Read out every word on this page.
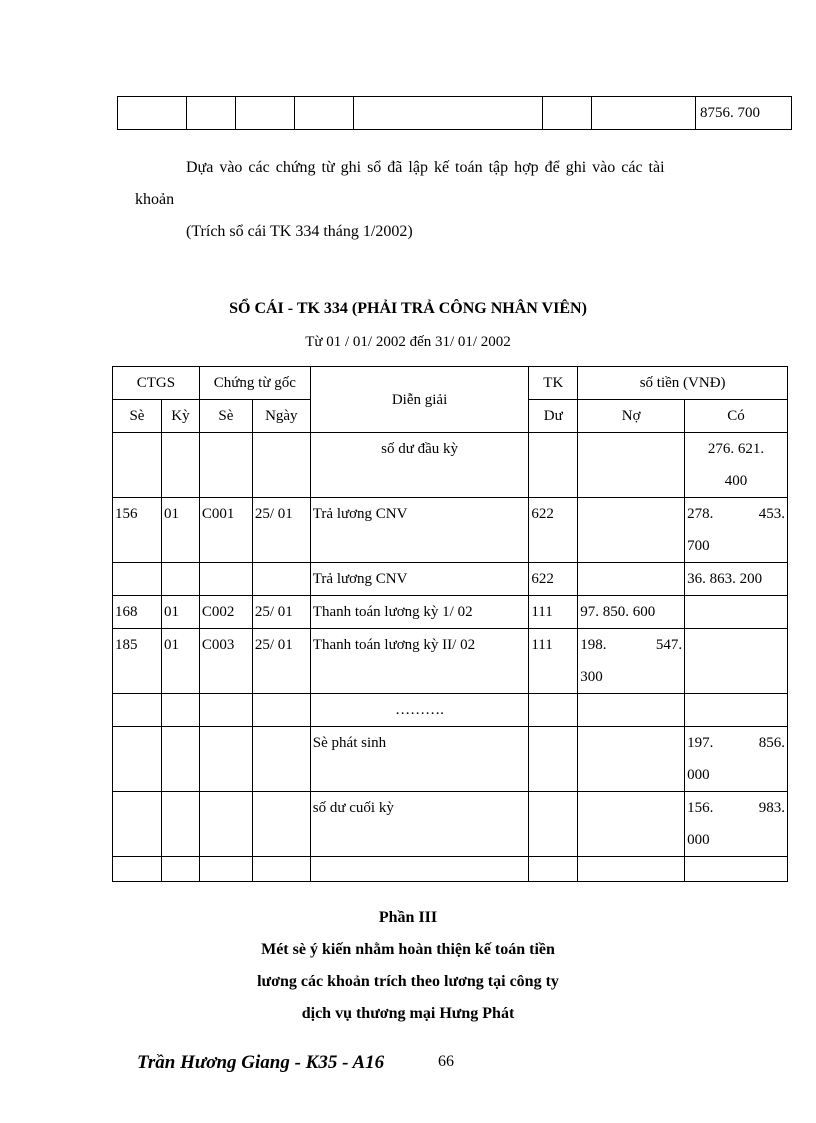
							8756. 700
Dựa vào các chứng từ ghi sổ đã lập kế toán tập hợp để ghi vào các tài
khoản
(Trích sổ cái TK 334 tháng 1/2002)
SỔ CÁI - TK 334 (PHẢI TRẢ CÔNG NHÂN VIÊN)
Từ 01 / 01/ 2002 đến 31/ 01/ 2002
CTGS		Chứng từ gốc		Diễn giải	TK	số tiền (VNĐ)	
Sè	Kỳ	Sè	Ngày		Dư	Nợ	Có
				số dư đầu kỳ			276. 621.
400

156	01	C001	25/ 01	Trả lương CNV	622		278. 453.
700

				Trả lương CNV	622		36. 863. 200
168	01	C002	25/ 01	Thanh toán lương kỳ 1/ 02	111	97. 850. 600	
185	01	C003	25/ 01	Thanh toán lương kỳ II/ 02	111	198. 547.
300	

				……….			
				Sè phát sinh			197. 856.
000

				số dư cuối kỳ			156. 983.
000

Phần III
Mét sè ý kiến nhằm hoàn thiện kế toán tiền
lương các khoản trích theo lương tại công ty
dịch vụ thương mại Hưng Phát
Trần Hương Giang - K35 - A16	66
